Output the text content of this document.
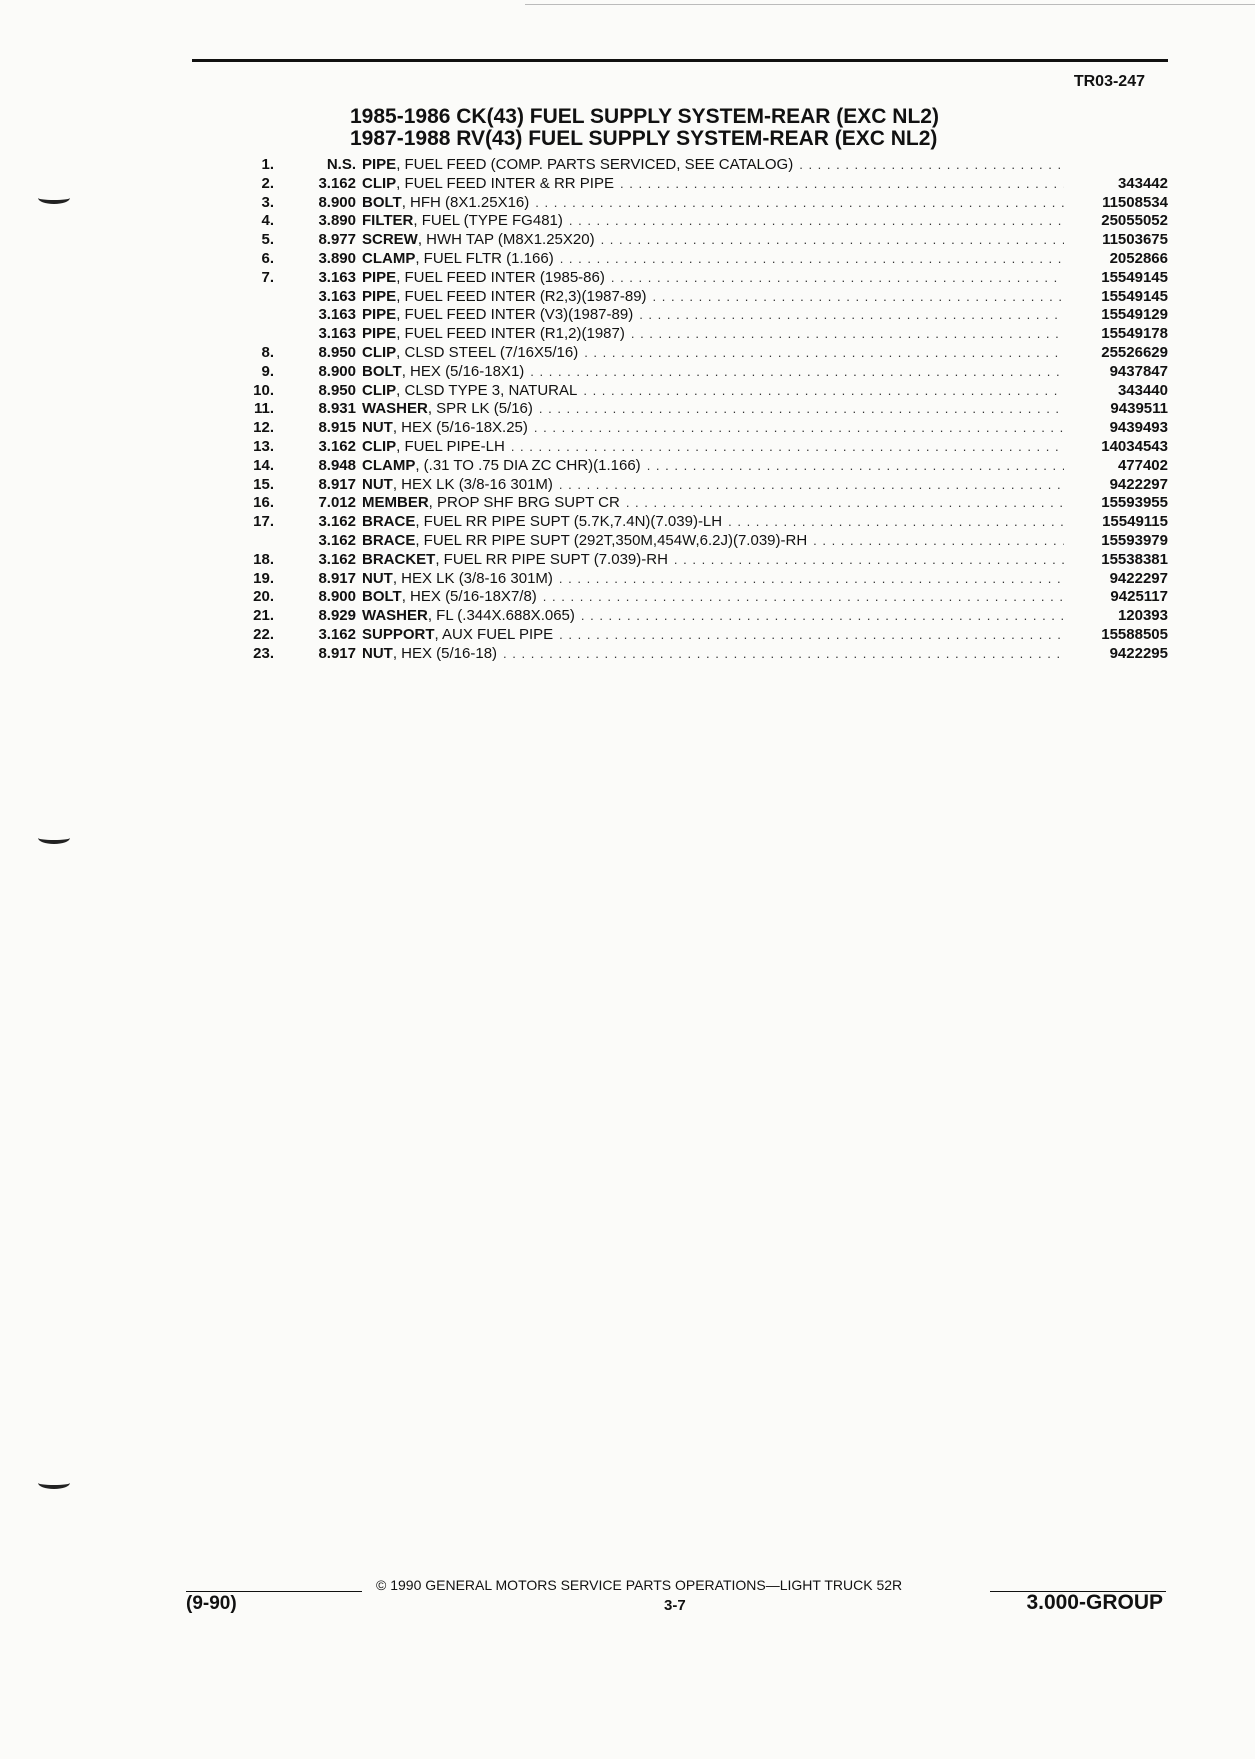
TR03-247
1985-1986 CK(43) FUEL SUPPLY SYSTEM-REAR (EXC NL2)
1987-1988 RV(43) FUEL SUPPLY SYSTEM-REAR (EXC NL2)
1.	N.S. PIPE, FUEL FEED (COMP. PARTS SERVICED, SEE CATALOG)
. . .
2.	3.162 CLIP, FUEL FEED INTER & RR PIPE . . .	343442
3.	8.900 BOLT, HFH (8X1.25X16) . . .	11508534
4.	3.890 FILTER, FUEL (TYPE FG481) . . .	25055052
5.	8.977 SCREW, HWH TAP (M8X1.25X20) . . .	11503675
6.	3.890 CLAMP, FUEL FLTR (1.166) . . .	2052866
7.	3.163 PIPE, FUEL FEED INTER (1985-86) . . .	15549145
3.163 PIPE, FUEL FEED INTER (R2,3)(1987-89) . . .	15549145
3.163 PIPE, FUEL FEED INTER (V3)(1987-89) . . .	15549129
3.163 PIPE, FUEL FEED INTER (R1,2)(1987) . . .	15549178
8.	8.950 CLIP, CLSD STEEL (7/16X5/16) . . .	25526629
9.	8.900 BOLT, HEX (5/16-18X1) . . .	9437847
10.	8.950 CLIP, CLSD TYPE 3, NATURAL . . .	343440
11.	8.931 WASHER, SPR LK (5/16) . . .	9439511
12.	8.915 NUT, HEX (5/16-18X.25) . . .	9439493
13.	3.162 CLIP, FUEL PIPE-LH . . .	14034543
14.	8.948 CLAMP, (.31 TO .75 DIA ZC CHR)(1.166) . . .	477402
15.	8.917 NUT, HEX LK (3/8-16 301M) . . .	9422297
16.	7.012 MEMBER, PROP SHF BRG SUPT CR . . .	15593955
17.	3.162 BRACE, FUEL RR PIPE SUPT (5.7K,7.4N)(7.039)-LH . . .	15549115
3.162 BRACE, FUEL RR PIPE SUPT (292T,350M,454W,6.2J)(7.039)-RH . . .	15593979
18.	3.162 BRACKET, FUEL RR PIPE SUPT (7.039)-RH . . .	15538381
19.	8.917 NUT, HEX LK (3/8-16 301M) . . .	9422297
20.	8.900 BOLT, HEX (5/16-18X7/8) . . .	9425117
21.	8.929 WASHER, FL (.344X.688X.065) . . .	120393
22.	3.162 SUPPORT, AUX FUEL PIPE . . .	15588505
23.	8.917 NUT, HEX (5/16-18) . . .	9422295
© 1990 GENERAL MOTORS SERVICE PARTS OPERATIONS—LIGHT TRUCK 52R
(9-90)	3-7	3.000-GROUP
